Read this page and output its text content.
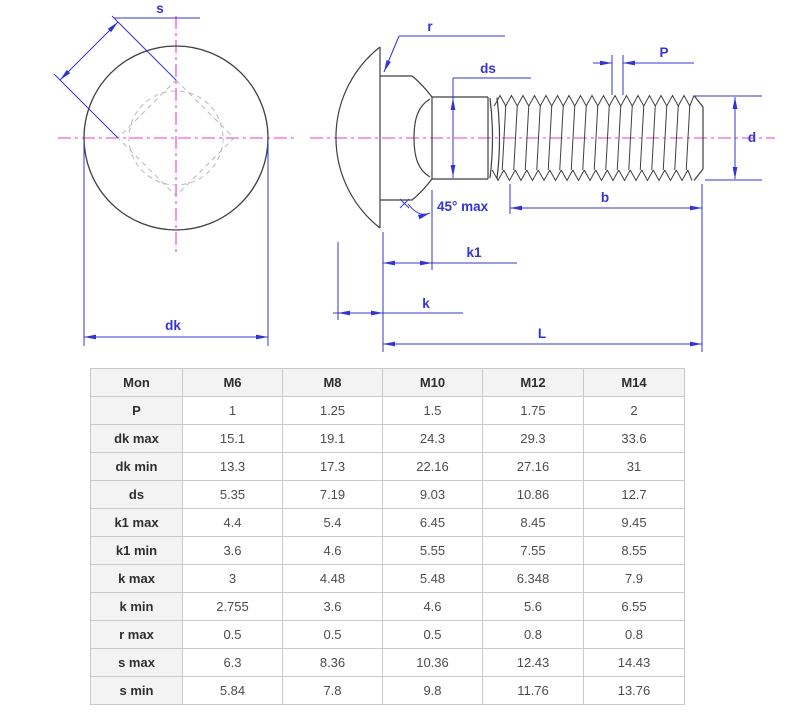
s
dk
r
ds
45° max
P
d
b
k1
k
L
Mon	M6	M8	M10	M12	M14
P	1	1.25	1.5	1.75	2
dk max	15.1	19.1	24.3	29.3	33.6
dk min	13.3	17.3	22.16	27.16	31
ds	5.35	7.19	9.03	10.86	12.7
k1 max	4.4	5.4	6.45	8.45	9.45
k1 min	3.6	4.6	5.55	7.55	8.55
k max	3	4.48	5.48	6.348	7.9
k min	2.755	3.6	4.6	5.6	6.55
r max	0.5	0.5	0.5	0.8	0.8
s max	6.3	8.36	10.36	12.43	14.43
s min	5.84	7.8	9.8	11.76	13.76
